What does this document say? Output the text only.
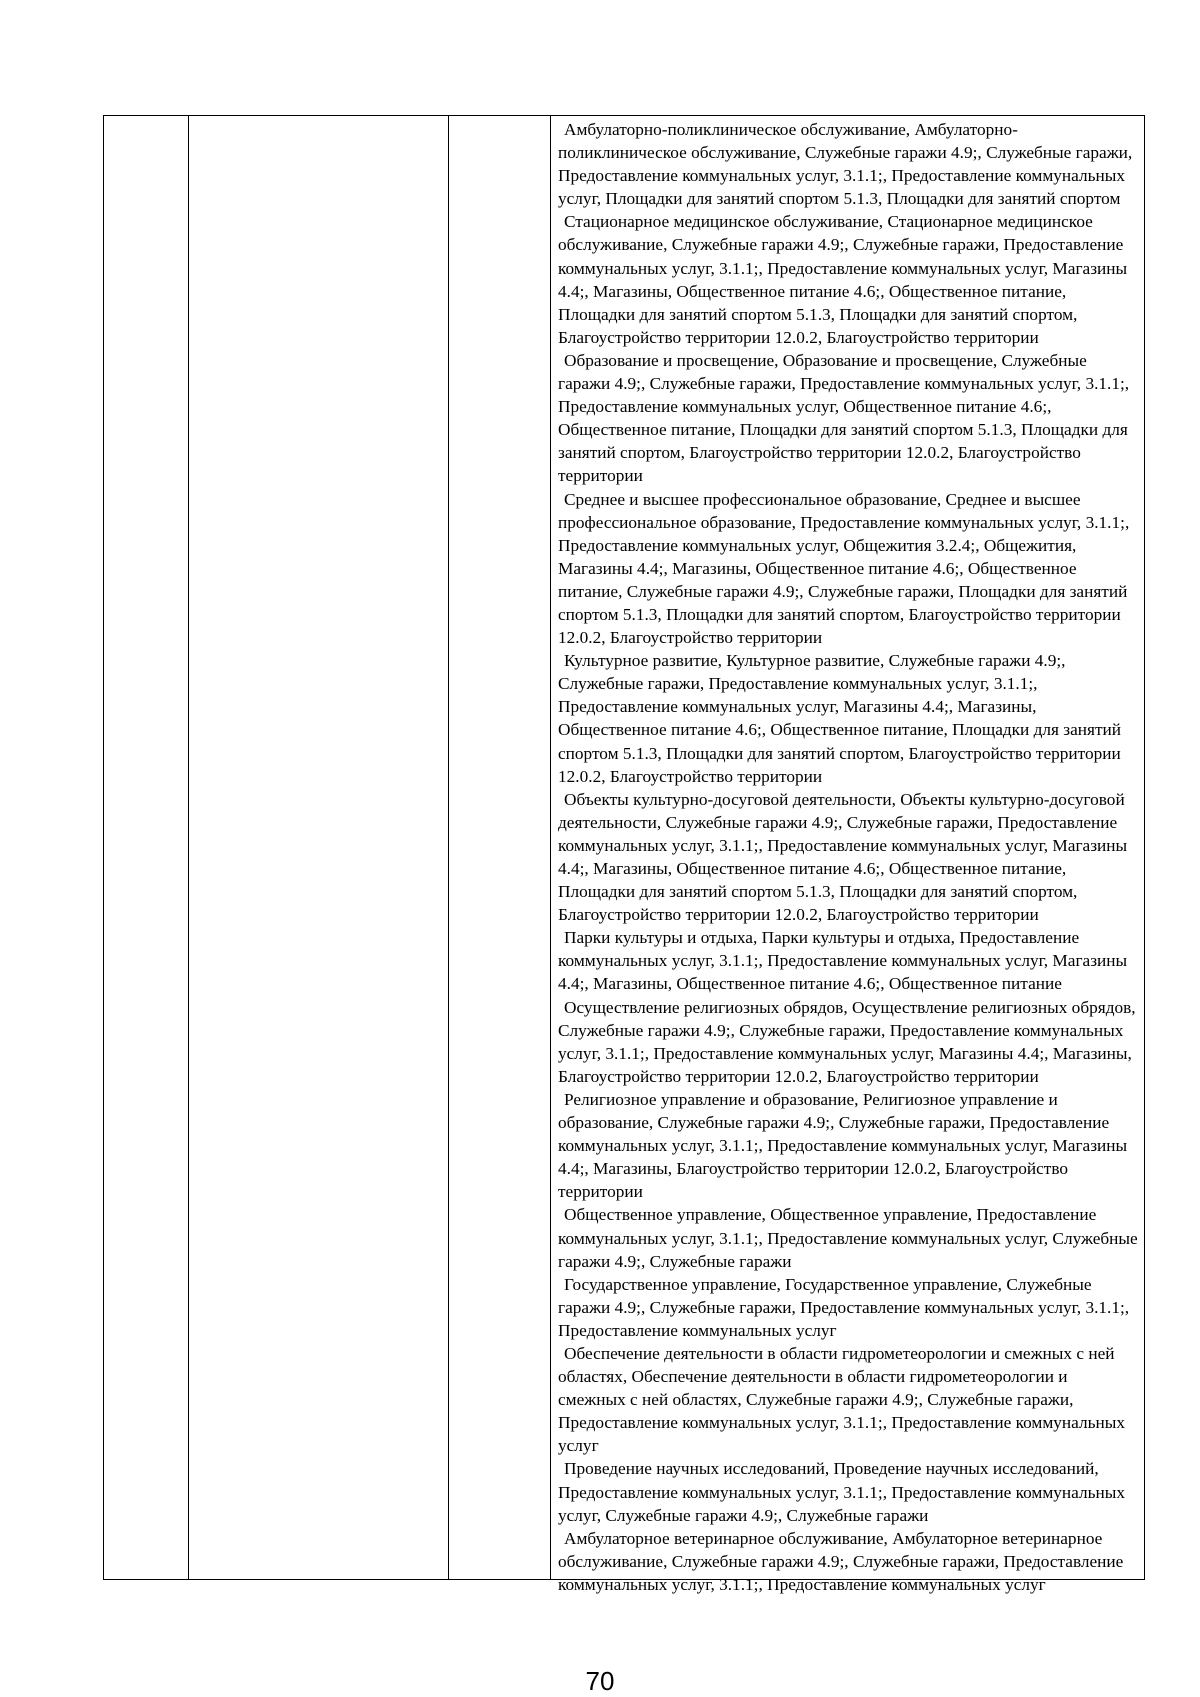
Амбулаторно-поликлиническое обслуживание, Амбулаторно-поликлиническое обслуживание, Служебные гаражи 4.9;, Служебные гаражи, Предоставление коммунальных услуг, 3.1.1;, Предоставление коммунальных услуг, Площадки для занятий спортом 5.1.3, Площадки для занятий спортом

Стационарное медицинское обслуживание, Стационарное медицинское обслуживание, Служебные гаражи 4.9;, Служебные гаражи, Предоставление коммунальных услуг, 3.1.1;, Предоставление коммунальных услуг, Магазины 4.4;, Магазины, Общественное питание 4.6;, Общественное питание, Площадки для занятий спортом 5.1.3, Площадки для занятий спортом, Благоустройство территории 12.0.2, Благоустройство территории

Образование и просвещение, Образование и просвещение, Служебные гаражи 4.9;, Служебные гаражи, Предоставление коммунальных услуг, 3.1.1;, Предоставление коммунальных услуг, Общественное питание 4.6;, Общественное питание, Площадки для занятий спортом 5.1.3, Площадки для занятий спортом, Благоустройство территории 12.0.2, Благоустройство территории

Среднее и высшее профессиональное образование, Среднее и высшее профессиональное образование, Предоставление коммунальных услуг, 3.1.1;, Предоставление коммунальных услуг, Общежития 3.2.4;, Общежития, Магазины 4.4;, Магазины, Общественное питание 4.6;, Общественное питание, Служебные гаражи 4.9;, Служебные гаражи, Площадки для занятий спортом 5.1.3, Площадки для занятий спортом, Благоустройство территории 12.0.2, Благоустройство территории

Культурное развитие, Культурное развитие, Служебные гаражи 4.9;, Служебные гаражи, Предоставление коммунальных услуг, 3.1.1;, Предоставление коммунальных услуг, Магазины 4.4;, Магазины, Общественное питание 4.6;, Общественное питание, Площадки для занятий спортом 5.1.3, Площадки для занятий спортом, Благоустройство территории 12.0.2, Благоустройство территории

Объекты культурно-досуговой деятельности, Объекты культурно-досуговой деятельности, Служебные гаражи 4.9;, Служебные гаражи, Предоставление коммунальных услуг, 3.1.1;, Предоставление коммунальных услуг, Магазины 4.4;, Магазины, Общественное питание 4.6;, Общественное питание, Площадки для занятий спортом 5.1.3, Площадки для занятий спортом, Благоустройство территории 12.0.2, Благоустройство территории

Парки культуры и отдыха, Парки культуры и отдыха, Предоставление коммунальных услуг, 3.1.1;, Предоставление коммунальных услуг, Магазины 4.4;, Магазины, Общественное питание 4.6;, Общественное питание

Осуществление религиозных обрядов, Осуществление религиозных обрядов, Служебные гаражи 4.9;, Служебные гаражи, Предоставление коммунальных услуг, 3.1.1;, Предоставление коммунальных услуг, Магазины 4.4;, Магазины, Благоустройство территории 12.0.2, Благоустройство территории

Религиозное управление и образование, Религиозное управление и образование, Служебные гаражи 4.9;, Служебные гаражи, Предоставление коммунальных услуг, 3.1.1;, Предоставление коммунальных услуг, Магазины 4.4;, Магазины, Благоустройство территории 12.0.2, Благоустройство территории

Общественное управление, Общественное управление, Предоставление коммунальных услуг, 3.1.1;, Предоставление коммунальных услуг, Служебные гаражи 4.9;, Служебные гаражи

Государственное управление, Государственное управление, Служебные гаражи 4.9;, Служебные гаражи, Предоставление коммунальных услуг, 3.1.1;, Предоставление коммунальных услуг

Обеспечение деятельности в области гидрометеорологии и смежных с ней областях, Обеспечение деятельности в области гидрометеорологии и смежных с ней областях, Служебные гаражи 4.9;, Служебные гаражи, Предоставление коммунальных услуг, 3.1.1;, Предоставление коммунальных услуг

Проведение научных исследований, Проведение научных исследований, Предоставление коммунальных услуг, 3.1.1;, Предоставление коммунальных услуг, Служебные гаражи 4.9;, Служебные гаражи

Амбулаторное ветеринарное обслуживание, Амбулаторное ветеринарное обслуживание, Служебные гаражи 4.9;, Служебные гаражи, Предоставление коммунальных услуг, 3.1.1;, Предоставление коммунальных услуг

70
